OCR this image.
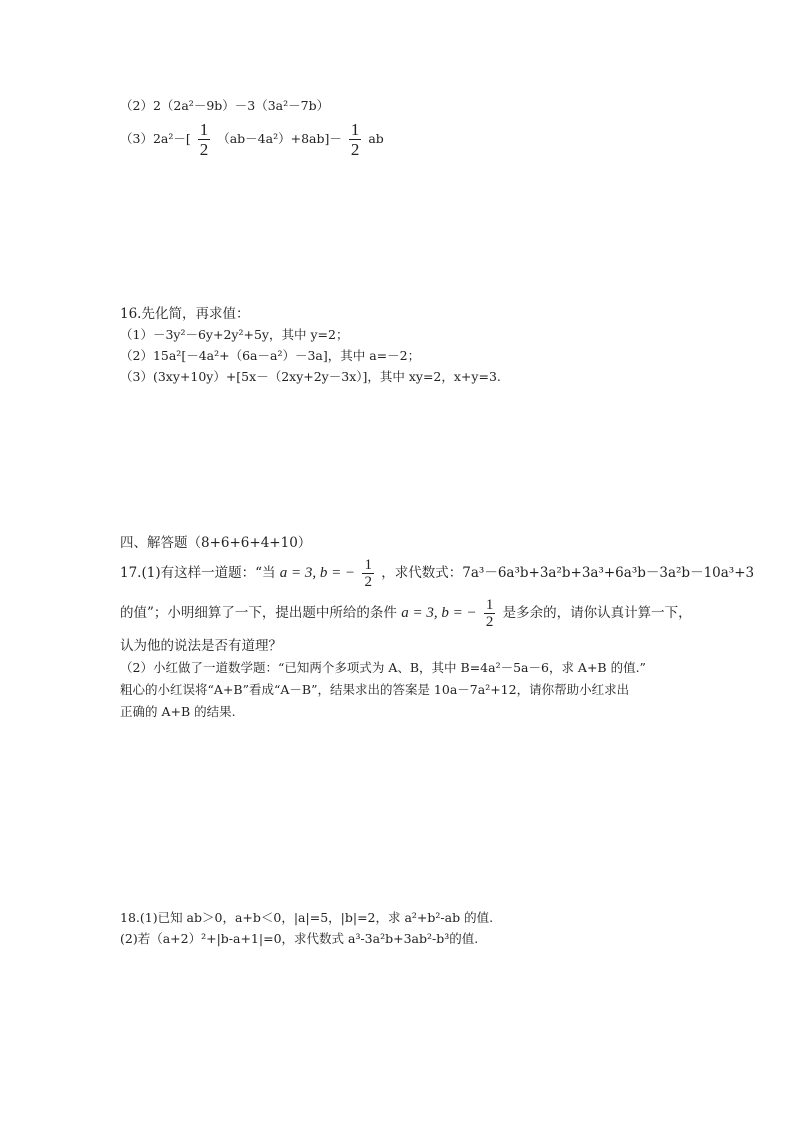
（2）2（2a²－9b）－3（3a²－7b）
$(3)2a^2-[ \frac{1}{2} (ab-4a^2)+8ab]- \frac{1}{2}$ ab
16.先化简，再求值：
（1）－3y²－6y+2y²+5y，其中 y=2；
（2）15a²[－4a²+（6a－a²）－3a]，其中 a=－2；
（3）(3xy+10y）+[5x－（2xy+2y－3x）]，其中 xy=2，x+y=3.
四、解答题（8+6+6+4+10）
17.(1)有这样一道题：“当 a = 3, b = − $\frac{1}{2}$ ，求代数式：7a³－6a³b+3a²b+3a³+6a³b－3a²b－10a³+3
的值”；小明细算了一下，提出题中所给的条件 a = 3, b = − $\frac{1}{2}$ 是多余的，请你认真计算一下，
认为他的说法是否有道理？
（2）小红做了一道数学题：“已知两个多项式为 A、B，其中 B=4a²－5a－6，求 A+B 的值.”
粗心的小红误将“A+B”看成“A－B”，结果求出的答案是 10a－7a²+12，请你帮助小红求出
正确的 A+B 的结果.
18.(1)已知 ab＞0，a+b＜0，|a|=5，|b|=2，求 a²+b²-ab 的值.
(2)若（a+2）²+|b-a+1|=0，求代数式 a³-3a²b+3ab²-b³的值.
